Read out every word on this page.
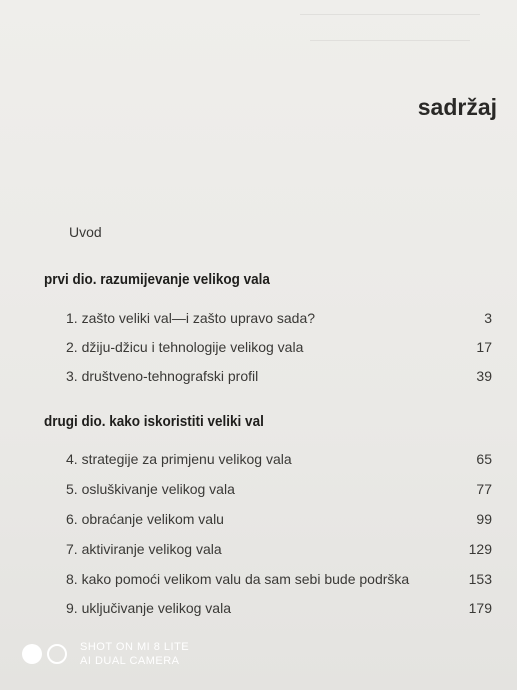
sadržaj
Uvod
prvi dio. razumijevanje velikog vala
1. zašto veliki val—i zašto upravo sada?	3
2. džiju-džicu i tehnologije velikog vala	17
3. društveno-tehnografski profil	39
drugi dio. kako iskoristiti veliki val
4. strategije za primjenu velikog vala	65
5. osluškivanje velikog vala	77
6. obraćanje velikom valu	99
7. aktiviranje velikog vala	129
8. kako pomoći velikom valu da sam sebi bude podrška	153
9. uključivanje velikog vala	179
SHOT ON MI 8 LITE
AI DUAL CAMERA
